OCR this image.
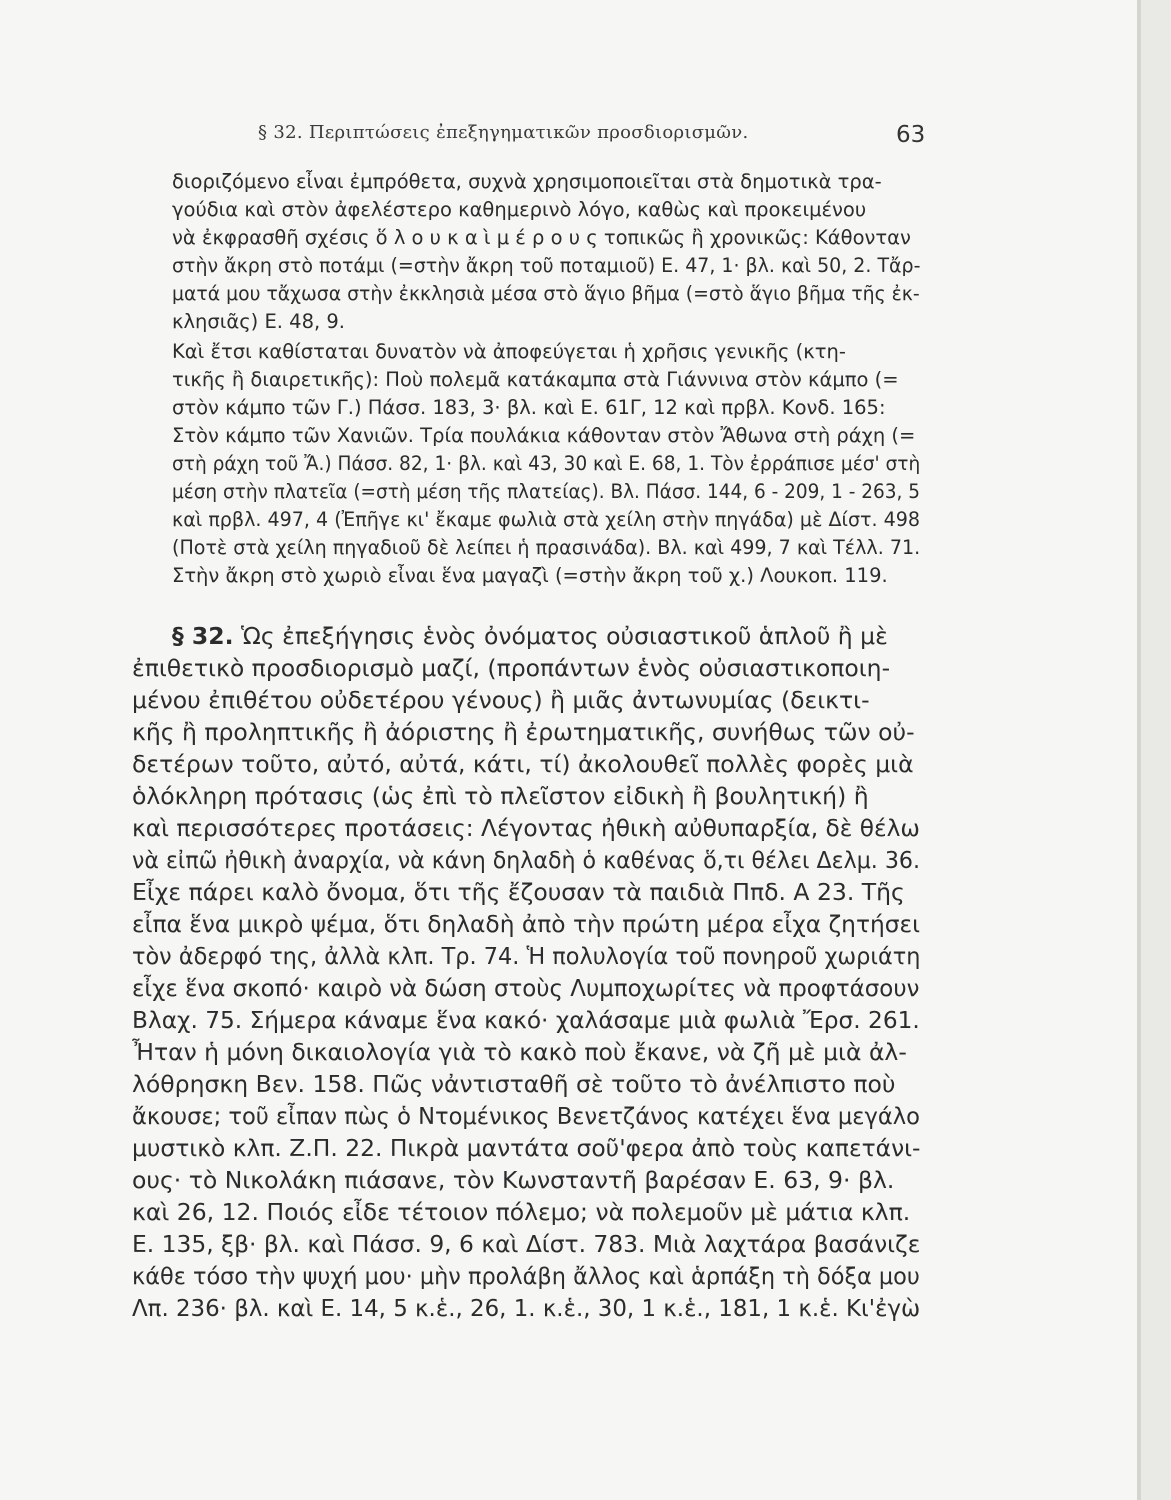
§ 32. Περιπτώσεις ἐπεξηγηματικῶν προσδιορισμῶν.	63
διοριζόμενο εἶναι ἐμπρόθετα, συχνὰ χρησιμοποιεῖται στὰ δημοτικὰ τρα-
γούδια καὶ στὸν ἀφελέστερο καθημερινὸ λόγο, καθὼς καὶ προκειμένου
νὰ ἐκφρασθῆ σχέσις ὅ λ ο υ κ α ὶ μ έ ρ ο υ ς τοπικῶς ἢ χρονικῶς: Κάθονταν
στὴν ἄκρη στὸ ποτάμι (=στὴν ἄκρη τοῦ ποταμιοῦ) Ε. 47, 1· βλ. καὶ 50, 2. Τἄρ-
ματά μου τἄχωσα στὴν ἐκκλησιὰ μέσα στὸ ἅγιο βῆμα (=στὸ ἅγιο βῆμα τῆς ἐκ-
κλησιᾶς) Ε. 48, 9.
Καὶ ἔτσι καθίσταται δυνατὸν νὰ ἀποφεύγεται ἡ χρῆσις γενικῆς (κτη-
τικῆς ἢ διαιρετικῆς): Ποὺ πολεμᾶ κατάκαμπα στὰ Γιάννινα στὸν κάμπο (=
στὸν κάμπο τῶν Γ.) Πάσσ. 183, 3· βλ. καὶ Ε. 61Γ, 12 καὶ πρβλ. Κονδ. 165:
Στὸν κάμπο τῶν Χανιῶν. Τρία πουλάκια κάθονταν στὸν Ἄθωνα στὴ ράχη (=
στὴ ράχη τοῦ Ἄ.) Πάσσ. 82, 1· βλ. καὶ 43, 30 καὶ Ε. 68, 1. Τὸν ἐρράπισε μέσ' στὴ
μέση στὴν πλατεῖα (=στὴ μέση τῆς πλατείας). Βλ. Πάσσ. 144, 6 - 209, 1 - 263, 5
καὶ πρβλ. 497, 4 (Ἐπῆγε κι' ἔκαμε φωλιὰ στὰ χείλη στὴν πηγάδα) μὲ Δίστ. 498
(Ποτὲ στὰ χείλη πηγαδιοῦ δὲ λείπει ἡ πρασινάδα). Βλ. καὶ 499, 7 καὶ Τέλλ. 71.
Στὴν ἄκρη στὸ χωριὸ εἶναι ἕνα μαγαζὶ (=στὴν ἄκρη τοῦ χ.) Λουκοπ. 119.
§ 32. Ὡς ἐπεξήγησις ἑνὸς ὀνόματος οὐσιαστικοῦ ἁπλοῦ ἢ μὲ
ἐπιθετικὸ προσδιορισμὸ μαζί, (προπάντων ἑνὸς οὐσιαστικοποιη-
μένου ἐπιθέτου οὐδετέρου γένους) ἢ μιᾶς ἀντωνυμίας (δεικτι-
κῆς ἢ προληπτικῆς ἢ ἀόριστης ἢ ἐρωτηματικῆς, συνήθως τῶν οὐ-
δετέρων τοῦτο, αὐτό, αὐτά, κάτι, τί) ἀκολουθεῖ πολλὲς φορὲς μιὰ
ὁλόκληρη πρότασις (ὡς ἐπὶ τὸ πλεῖστον εἰδικὴ ἢ βουλητική) ἢ
καὶ περισσότερες προτάσεις: Λέγοντας ἠθικὴ αὐθυπαρξία, δὲ θέλω
νὰ εἰπῶ ἠθικὴ ἀναρχία, νὰ κάνη δηλαδὴ ὁ καθένας ὅ,τι θέλει Δελμ. 36.
Εἶχε πάρει καλὸ ὄνομα, ὅτι τῆς ἔζουσαν τὰ παιδιὰ Ππδ. Α 23. Τῆς
εἶπα ἕνα μικρὸ ψέμα, ὅτι δηλαδὴ ἀπὸ τὴν πρώτη μέρα εἶχα ζητήσει
τὸν ἀδερφό της, ἀλλὰ κλπ. Τρ. 74. Ἡ πολυλογία τοῦ πονηροῦ χωριάτη
εἶχε ἕνα σκοπό· καιρὸ νὰ δώση στοὺς Λυμποχωρίτες νὰ προφτάσουν
Βλαχ. 75. Σήμερα κάναμε ἕνα κακό· χαλάσαμε μιὰ φωλιὰ Ἔρσ. 261.
Ἦταν ἡ μόνη δικαιολογία γιὰ τὸ κακὸ ποὺ ἔκανε, νὰ ζῆ μὲ μιὰ ἀλ-
λόθρησκη Βεν. 158. Πῶς νἀντισταθῆ σὲ τοῦτο τὸ ἀνέλπιστο ποὺ
ἄκουσε; τοῦ εἶπαν πὼς ὁ Ντομένικος Βενετζάνος κατέχει ἕνα μεγάλο
μυστικὸ κλπ. Ζ.Π. 22. Πικρὰ μαντάτα σοῦ'φερα ἀπὸ τοὺς καπετάνι-
ους· τὸ Νικολάκη πιάσανε, τὸν Κωνσταντῆ βαρέσαν Ε. 63, 9· βλ.
καὶ 26, 12. Ποιός εἶδε τέτοιον πόλεμο; νὰ πολεμοῦν μὲ μάτια κλπ.
Ε. 135, ξβ· βλ. καὶ Πάσσ. 9, 6 καὶ Δίστ. 783. Μιὰ λαχτάρα βασάνιζε
κάθε τόσο τὴν ψυχή μου· μὴν προλάβη ἄλλος καὶ ἁρπάξη τὴ δόξα μου
Λπ. 236· βλ. καὶ Ε. 14, 5 κ.ἑ., 26, 1. κ.ἑ., 30, 1 κ.ἑ., 181, 1 κ.ἑ. Κι'ἐγὼ
